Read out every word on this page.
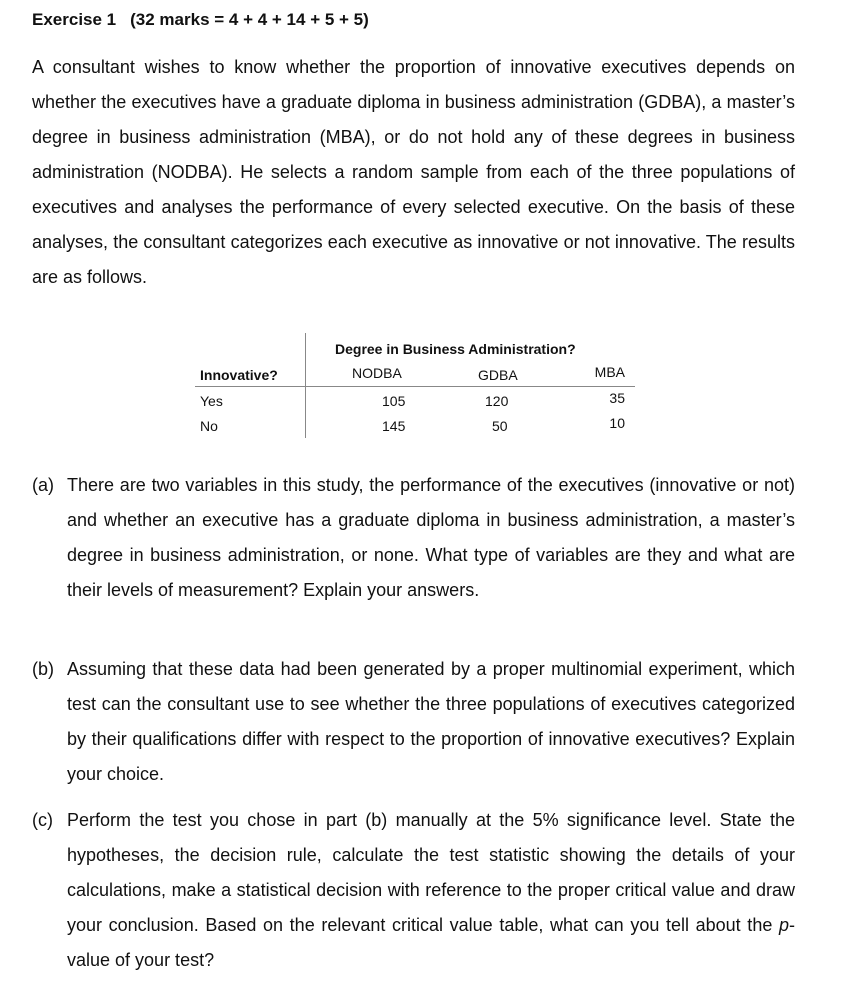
Exercise 1 (32 marks = 4 + 4 + 14 + 5 + 5)
A consultant wishes to know whether the proportion of innovative executives depends on whether the executives have a graduate diploma in business administration (GDBA), a master’s degree in business administration (MBA), or do not hold any of these degrees in business administration (NODBA). He selects a random sample from each of the three populations of executives and analyses the performance of every selected executive. On the basis of these analyses, the consultant categorizes each executive as innovative or not innovative. The results are as follows.
Degree in Business Administration?
Innovative?	NODBA	GDBA	MBA
Yes	105	120	35
No	145	50	10
(a) There are two variables in this study, the performance of the executives (innovative or not) and whether an executive has a graduate diploma in business administration, a master’s degree in business administration, or none. What type of variables are they and what are their levels of measurement? Explain your answers.
(b) Assuming that these data had been generated by a proper multinomial experiment, which test can the consultant use to see whether the three populations of executives categorized by their qualifications differ with respect to the proportion of innovative executives? Explain your choice.
(c) Perform the test you chose in part (b) manually at the 5% significance level. State the hypotheses, the decision rule, calculate the test statistic showing the details of your calculations, make a statistical decision with reference to the proper critical value and draw your conclusion. Based on the relevant critical value table, what can you tell about the p-value of your test?
